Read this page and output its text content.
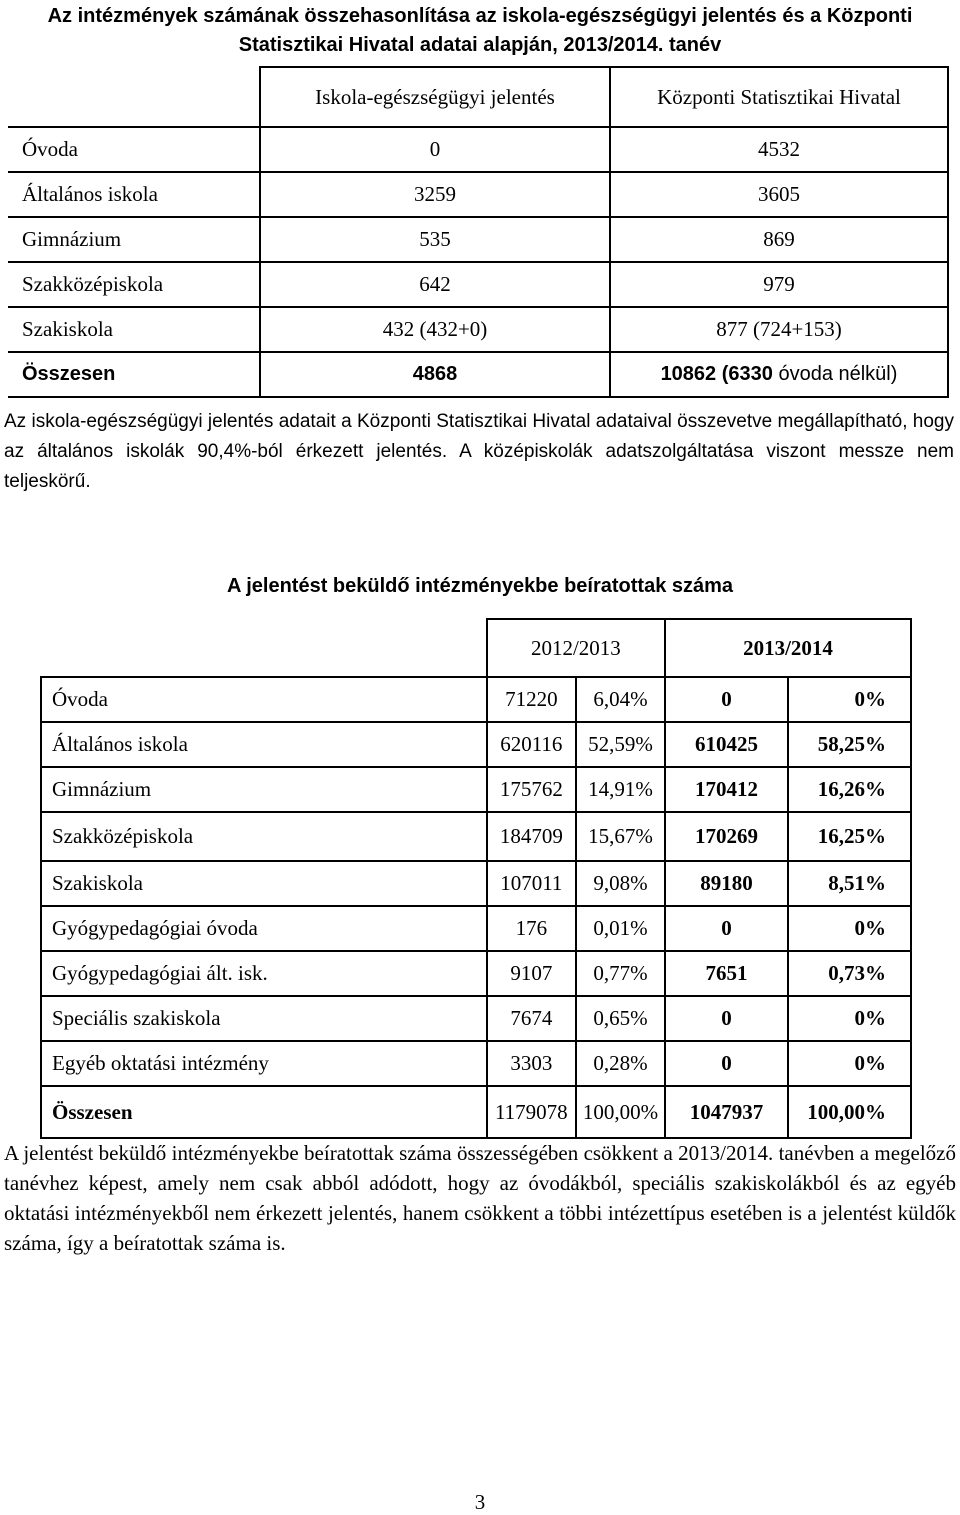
Az intézmények számának összehasonlítása az iskola-egészségügyi jelentés és a Központi Statisztikai Hivatal adatai alapján, 2013/2014. tanév
	Iskola-egészségügyi jelentés	Központi Statisztikai Hivatal
Óvoda	0	4532
Általános iskola	3259	3605
Gimnázium	535	869
Szakközépiskola	642	979
Szakiskola	432 (432+0)	877 (724+153)
Összesen	4868	10862 (6330 óvoda nélkül)
Az iskola-egészségügyi jelentés adatait a Központi Statisztikai Hivatal adataival összevetve megállapítható, hogy az általános iskolák 90,4%-ból érkezett jelentés. A középiskolák adatszolgáltatása viszont messze nem teljeskörű.
A jelentést beküldő intézményekbe beíratottak száma
	2012/2013		2013/2014	
Óvoda	71220	6,04%	0	0%
Általános iskola	620116	52,59%	610425	58,25%
Gimnázium	175762	14,91%	170412	16,26%
Szakközépiskola	184709	15,67%	170269	16,25%
Szakiskola	107011	9,08%	89180	8,51%
Gyógypedagógiai óvoda	176	0,01%	0	0%
Gyógypedagógiai ált. isk.	9107	0,77%	7651	0,73%
Speciális szakiskola	7674	0,65%	0	0%
Egyéb oktatási intézmény	3303	0,28%	0	0%
Összesen	1179078	100,00%	1047937	100,00%
A jelentést beküldő intézményekbe beíratottak száma összességében csökkent a 2013/2014. tanévben a megelőző tanévhez képest, amely nem csak abból adódott, hogy az óvodákból, speciális szakiskolákból és az egyéb oktatási intézményekből nem érkezett jelentés, hanem csökkent a többi intézettípus esetében is a jelentést küldők száma, így a beíratottak száma is.
3
